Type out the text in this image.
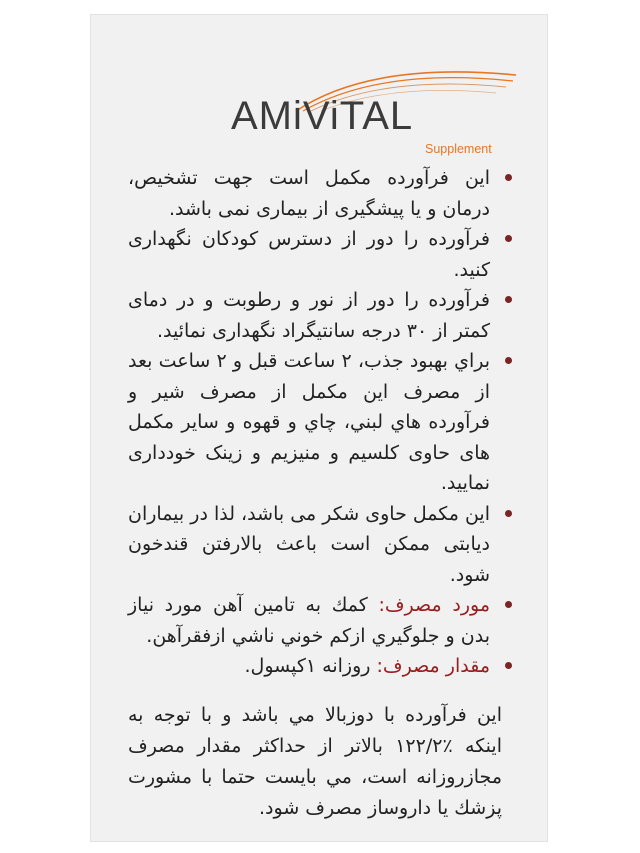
AMiViTAL
Supplement
این فرآورده مکمل است جهت تشخیص، درمان و یا پیشگیری از بیماری نمی باشد.
فرآورده را دور از دسترس کودکان نگهداری کنید.
فرآورده را دور از نور و رطوبت و در دمای کمتر از ۳۰ درجه سانتیگراد نگهداری نمائید.
براي بهبود جذب، ۲ ساعت قبل و ۲ ساعت بعد از مصرف این مکمل از مصرف شیر و فرآورده هاي لبني، چاي و قهوه و سایر مکمل های حاوی کلسیم و منیزیم و زینک خودداری نمایید.
این مکمل حاوی شکر می باشد، لذا در بیماران دیابتی ممکن است باعث بالارفتن قندخون شود.
مورد مصرف: كمك به تامين آهن مورد نياز بدن و جلوگيري ازكم خوني ناشي ازفقرآهن.
مقدار مصرف: روزانه ۱کپسول.
این فرآورده با دوزبالا مي باشد و با توجه به اینکه ٪۱۲۲/۲ بالاتر از حداکثر مقدار مصرف مجازروزانه است، مي بايست حتما با مشورت پزشك يا داروساز مصرف شود.
